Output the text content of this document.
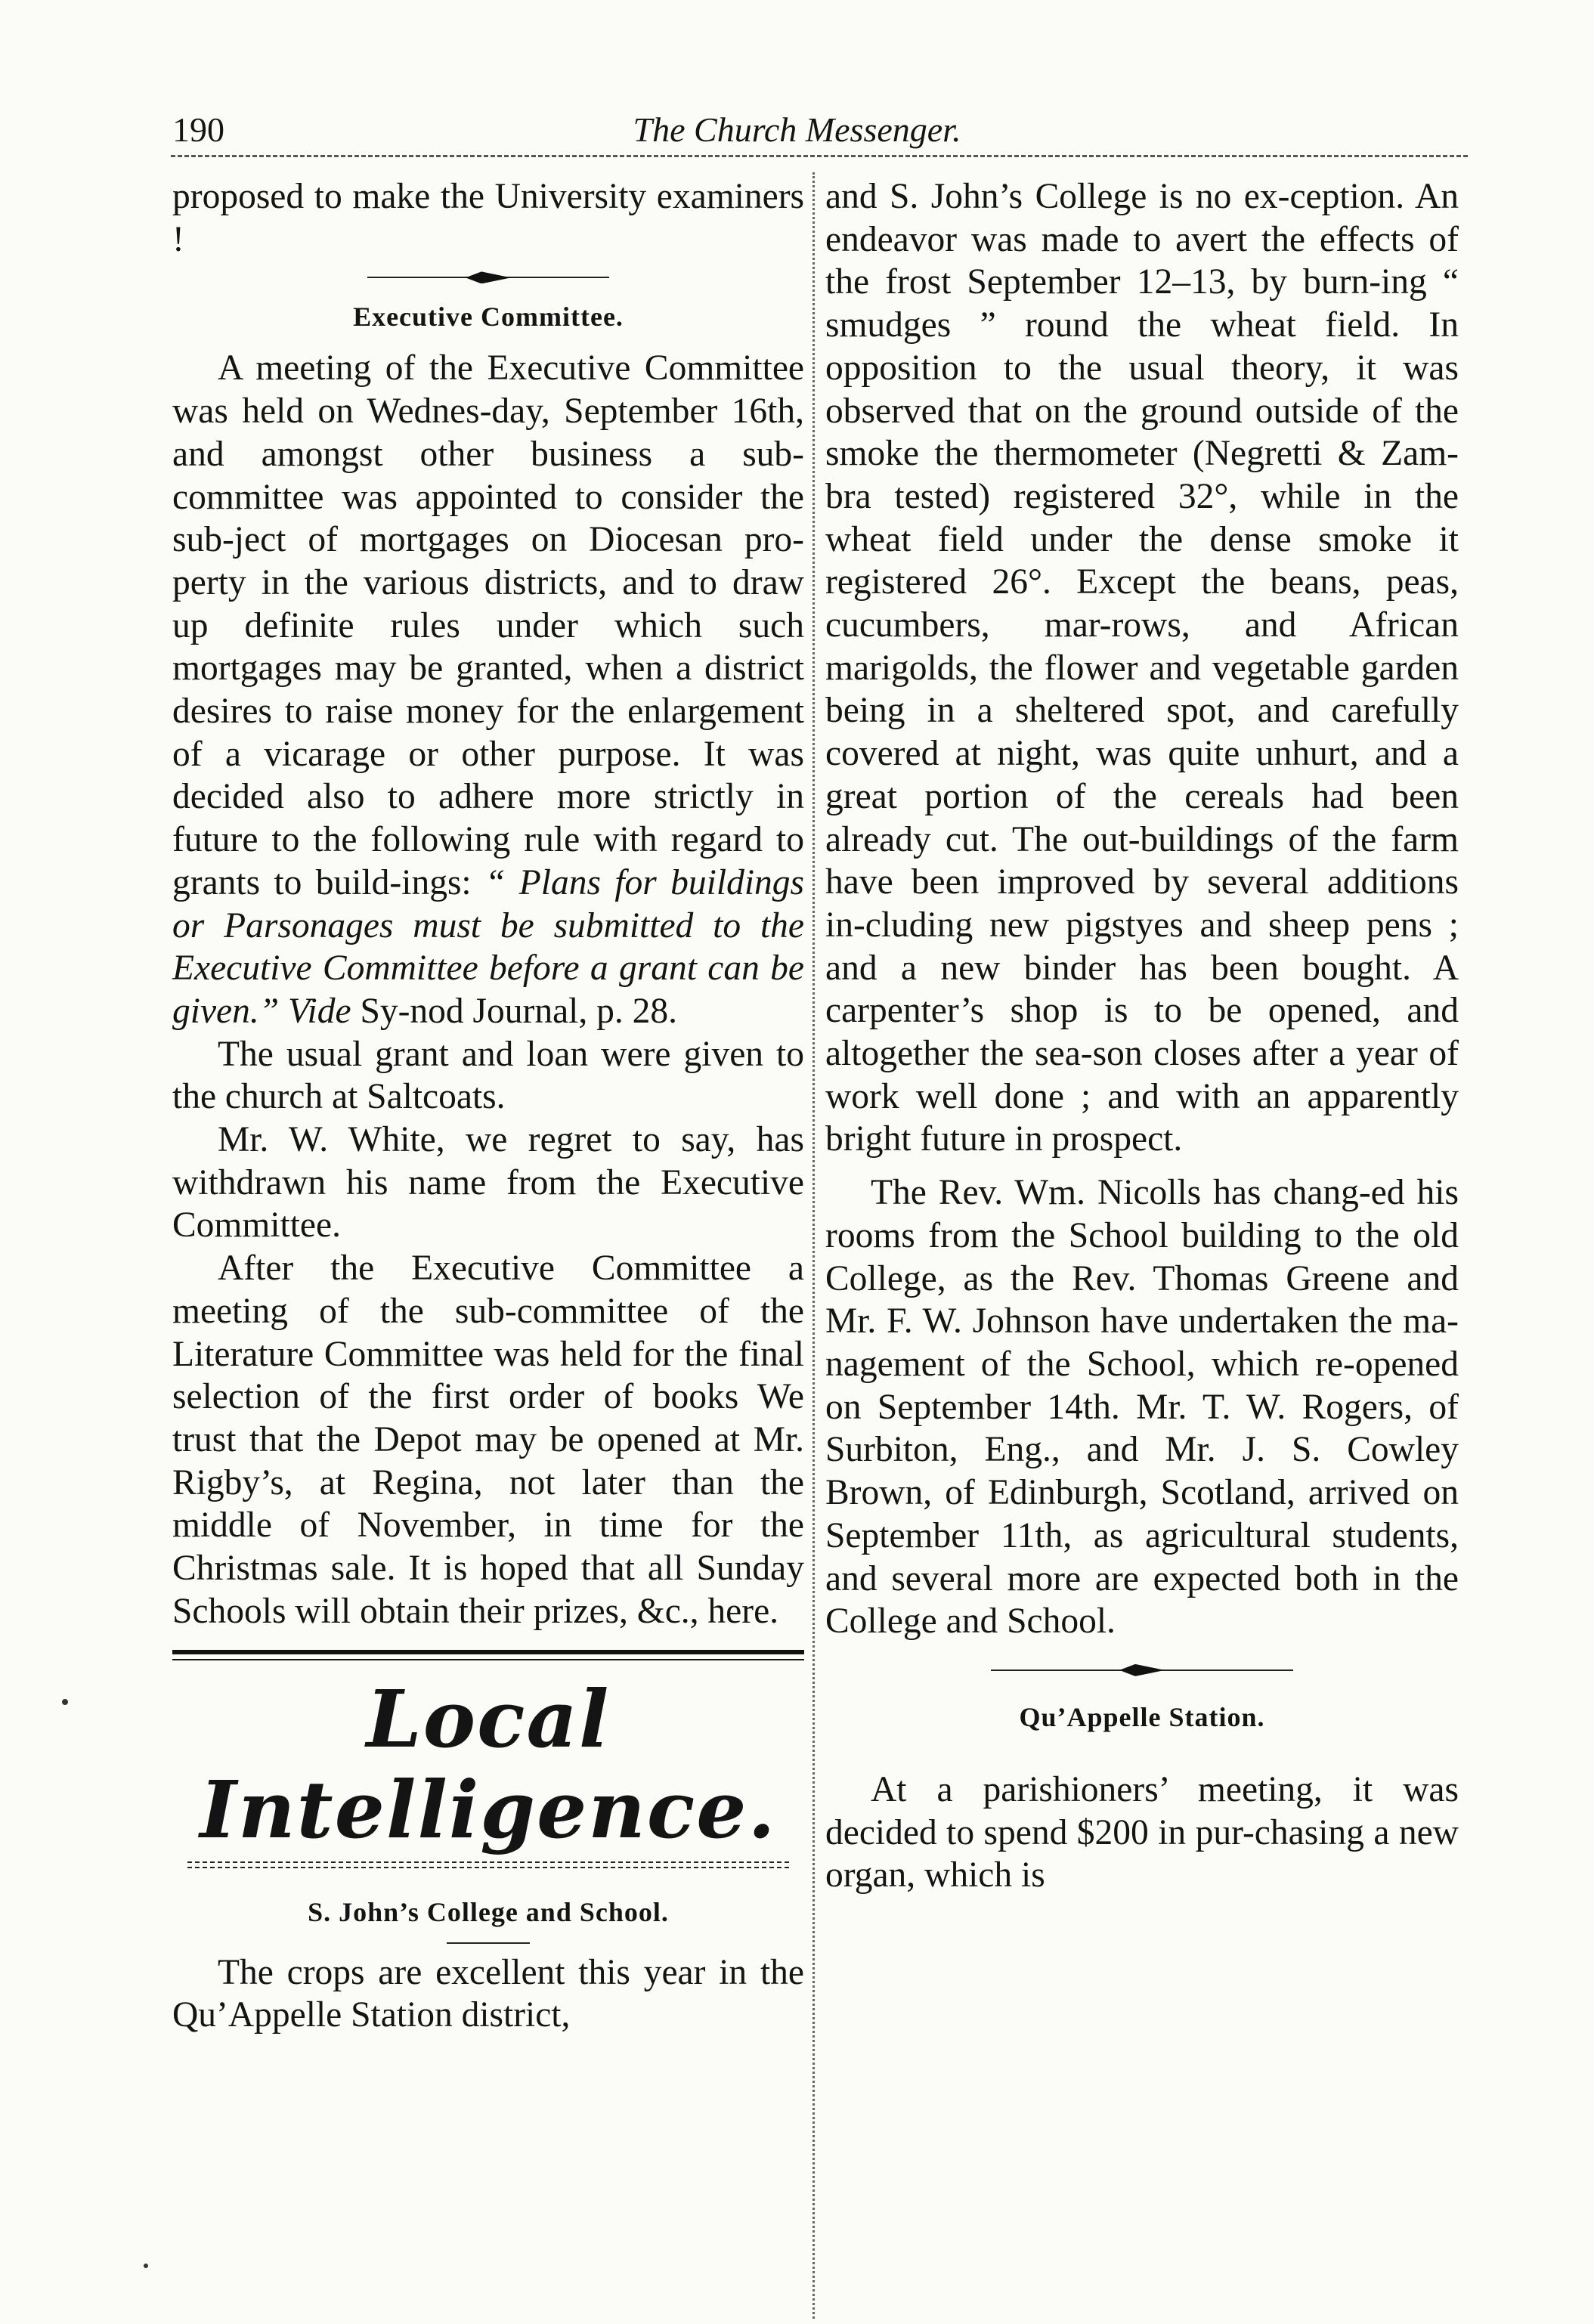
190	The Church Messenger.

proposed to make the University examiners !

Executive Committee.

A meeting of the Executive Committee was held on Wednes-day, September 16th, and amongst other business a sub-committee was appointed to consider the sub-ject of mortgages on Diocesan pro-perty in the various districts, and to draw up definite rules under which such mortgages may be granted, when a district desires to raise money for the enlargement of a vicarage or other purpose. It was decided also to adhere more strictly in future to the following rule with regard to grants to build-ings: “ Plans for buildings or Parsonages must be submitted to the Executive Committee before a grant can be given.” Vide Sy-nod Journal, p. 28.

The usual grant and loan were given to the church at Saltcoats.

Mr. W. White, we regret to say, has withdrawn his name from the Executive Committee.

After the Executive Committee a meeting of the sub-committee of the Literature Committee was held for the final selection of the first order of books We trust that the Depot may be opened at Mr. Rigby’s, at Regina, not later than the middle of November, in time for the Christmas sale. It is hoped that all Sunday Schools will obtain their prizes, &c., here.

Local Intelligence.
S. John’s College and School.

The crops are excellent this year in the Qu’Appelle Station district,

and S. John’s College is no ex-ception. An endeavor was made to avert the effects of the frost September 12–13, by burn-ing “ smudges ” round the wheat field. In opposition to the usual theory, it was observed that on the ground outside of the smoke the thermometer (Negretti & Zam-bra tested) registered 32°, while in the wheat field under the dense smoke it registered 26°. Except the beans, peas, cucumbers, mar-rows, and African marigolds, the flower and vegetable garden being in a sheltered spot, and carefully covered at night, was quite unhurt, and a great portion of the cereals had been already cut. The out-buildings of the farm have been improved by several additions in-cluding new pigstyes and sheep pens ; and a new binder has been bought. A carpenter’s shop is to be opened, and altogether the sea-son closes after a year of work well done ; and with an apparently bright future in prospect.

The Rev. Wm. Nicolls has chang-ed his rooms from the School building to the old College, as the Rev. Thomas Greene and Mr. F. W. Johnson have undertaken the ma-nagement of the School, which re-opened on September 14th. Mr. T. W. Rogers, of Surbiton, Eng., and Mr. J. S. Cowley Brown, of Edinburgh, Scotland, arrived on September 11th, as agricultural students, and several more are expected both in the College and School.

Qu’Appelle Station.

At a parishioners’ meeting, it was decided to spend $200 in pur-chasing a new organ, which is
